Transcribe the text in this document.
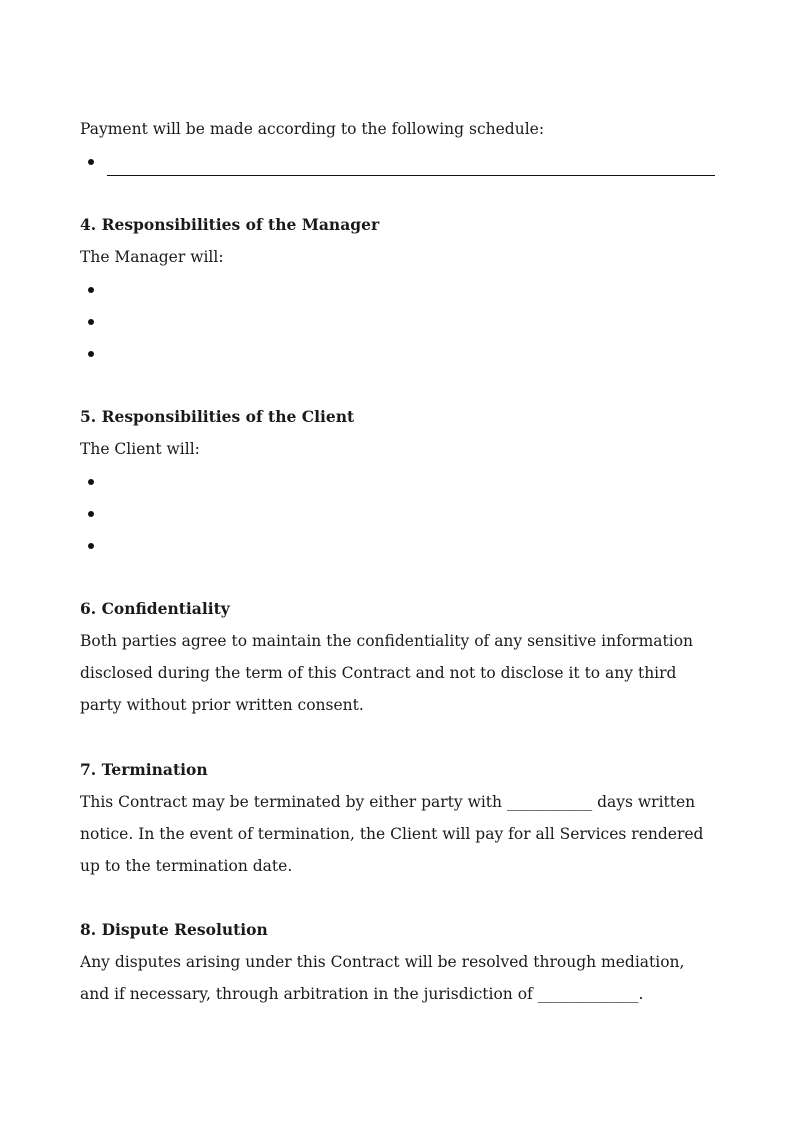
Payment will be made according to the following schedule:

4. Responsibilities of the Manager

The Manager will:

5. Responsibilities of the Client

The Client will:

6. Confidentiality

Both parties agree to maintain the confidentiality of any sensitive information disclosed during the term of this Contract and not to disclose it to any third party without prior written consent.

7. Termination

This Contract may be terminated by either party with ___________ days written notice. In the event of termination, the Client will pay for all Services rendered up to the termination date.

8. Dispute Resolution

Any disputes arising under this Contract will be resolved through mediation, and if necessary, through arbitration in the jurisdiction of _____________.
